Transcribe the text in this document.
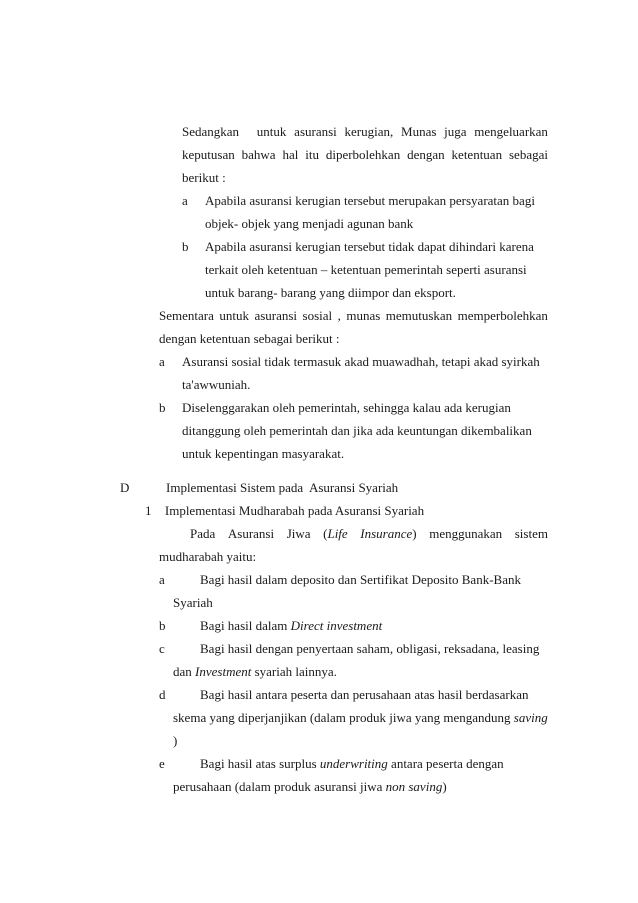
Sedangkan untuk asuransi kerugian, Munas juga mengeluarkan
keputusan bahwa hal itu diperbolehkan dengan ketentuan sebagai
berikut :
a Apabila asuransi kerugian tersebut merupakan persyaratan bagi
objek- objek yang menjadi agunan bank
b Apabila asuransi kerugian tersebut tidak dapat dihindari karena
terkait oleh ketentuan – ketentuan pemerintah seperti asuransi
untuk barang- barang yang diimpor dan eksport.
Sementara untuk asuransi sosial , munas memutuskan memperbolehkan
dengan ketentuan sebagai berikut :
a Asuransi sosial tidak termasuk akad muawadhah, tetapi akad syirkah
ta'awwuniah.
b Diselenggarakan oleh pemerintah, sehingga kalau ada kerugian
ditanggung oleh pemerintah dan jika ada keuntungan dikembalikan
untuk kepentingan masyarakat.
D	Implementasi Sistem pada  Asuransi Syariah
1 Implementasi Mudharabah pada Asuransi Syariah
Pada Asuransi Jiwa (Life Insurance) menggunakan sistem
mudharabah yaitu:
a	Bagi hasil dalam deposito dan Sertifikat Deposito Bank-Bank
Syariah
b	Bagi hasil dalam Direct investment
c	Bagi hasil dengan penyertaan saham, obligasi, reksadana, leasing
dan Investment syariah lainnya.
d	Bagi hasil antara peserta dan perusahaan atas hasil berdasarkan
skema yang diperjanjikan (dalam produk jiwa yang mengandung saving
)
e	Bagi hasil atas surplus underwriting antara peserta dengan
perusahaan (dalam produk asuransi jiwa non saving)
